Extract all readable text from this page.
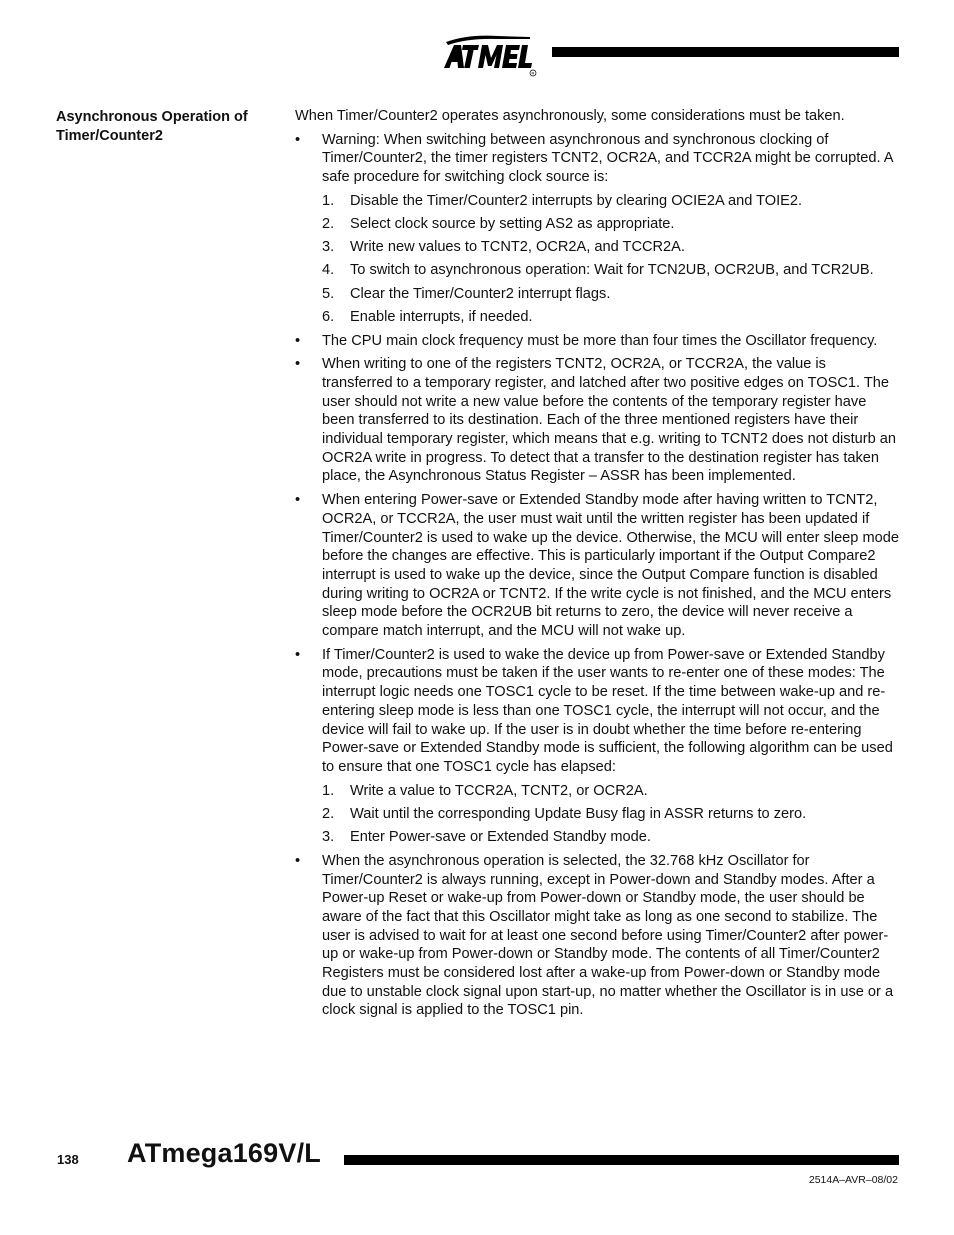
R
Asynchronous Operation of Timer/Counter2

When Timer/Counter2 operates asynchronously, some considerations must be taken.

• Warning: When switching between asynchronous and synchronous clocking of Timer/Counter2, the timer registers TCNT2, OCR2A, and TCCR2A might be corrupted. A safe procedure for switching clock source is:
1. Disable the Timer/Counter2 interrupts by clearing OCIE2A and TOIE2.
2. Select clock source by setting AS2 as appropriate.
3. Write new values to TCNT2, OCR2A, and TCCR2A.
4. To switch to asynchronous operation: Wait for TCN2UB, OCR2UB, and TCR2UB.
5. Clear the Timer/Counter2 interrupt flags.
6. Enable interrupts, if needed.
• The CPU main clock frequency must be more than four times the Oscillator frequency.
• When writing to one of the registers TCNT2, OCR2A, or TCCR2A, the value is transferred to a temporary register, and latched after two positive edges on TOSC1. The user should not write a new value before the contents of the temporary register have been transferred to its destination. Each of the three mentioned registers have their individual temporary register, which means that e.g. writing to TCNT2 does not disturb an OCR2A write in progress. To detect that a transfer to the destination register has taken place, the Asynchronous Status Register – ASSR has been implemented.
• When entering Power-save or Extended Standby mode after having written to TCNT2, OCR2A, or TCCR2A, the user must wait until the written register has been updated if Timer/Counter2 is used to wake up the device. Otherwise, the MCU will enter sleep mode before the changes are effective. This is particularly important if the Output Compare2 interrupt is used to wake up the device, since the Output Compare function is disabled during writing to OCR2A or TCNT2. If the write cycle is not finished, and the MCU enters sleep mode before the OCR2UB bit returns to zero, the device will never receive a compare match interrupt, and the MCU will not wake up.
• If Timer/Counter2 is used to wake the device up from Power-save or Extended Standby mode, precautions must be taken if the user wants to re-enter one of these modes: The interrupt logic needs one TOSC1 cycle to be reset. If the time between wake-up and re-entering sleep mode is less than one TOSC1 cycle, the interrupt will not occur, and the device will fail to wake up. If the user is in doubt whether the time before re-entering Power-save or Extended Standby mode is sufficient, the following algorithm can be used to ensure that one TOSC1 cycle has elapsed:
1. Write a value to TCCR2A, TCNT2, or OCR2A.
2. Wait until the corresponding Update Busy flag in ASSR returns to zero.
3. Enter Power-save or Extended Standby mode.
• When the asynchronous operation is selected, the 32.768 kHz Oscillator for Timer/Counter2 is always running, except in Power-down and Standby modes. After a Power-up Reset or wake-up from Power-down or Standby mode, the user should be aware of the fact that this Oscillator might take as long as one second to stabilize. The user is advised to wait for at least one second before using Timer/Counter2 after power-up or wake-up from Power-down or Standby mode. The contents of all Timer/Counter2 Registers must be considered lost after a wake-up from Power-down or Standby mode due to unstable clock signal upon start-up, no matter whether the Oscillator is in use or a clock signal is applied to the TOSC1 pin.
138 ATmega169V/L
2514A–AVR–08/02
